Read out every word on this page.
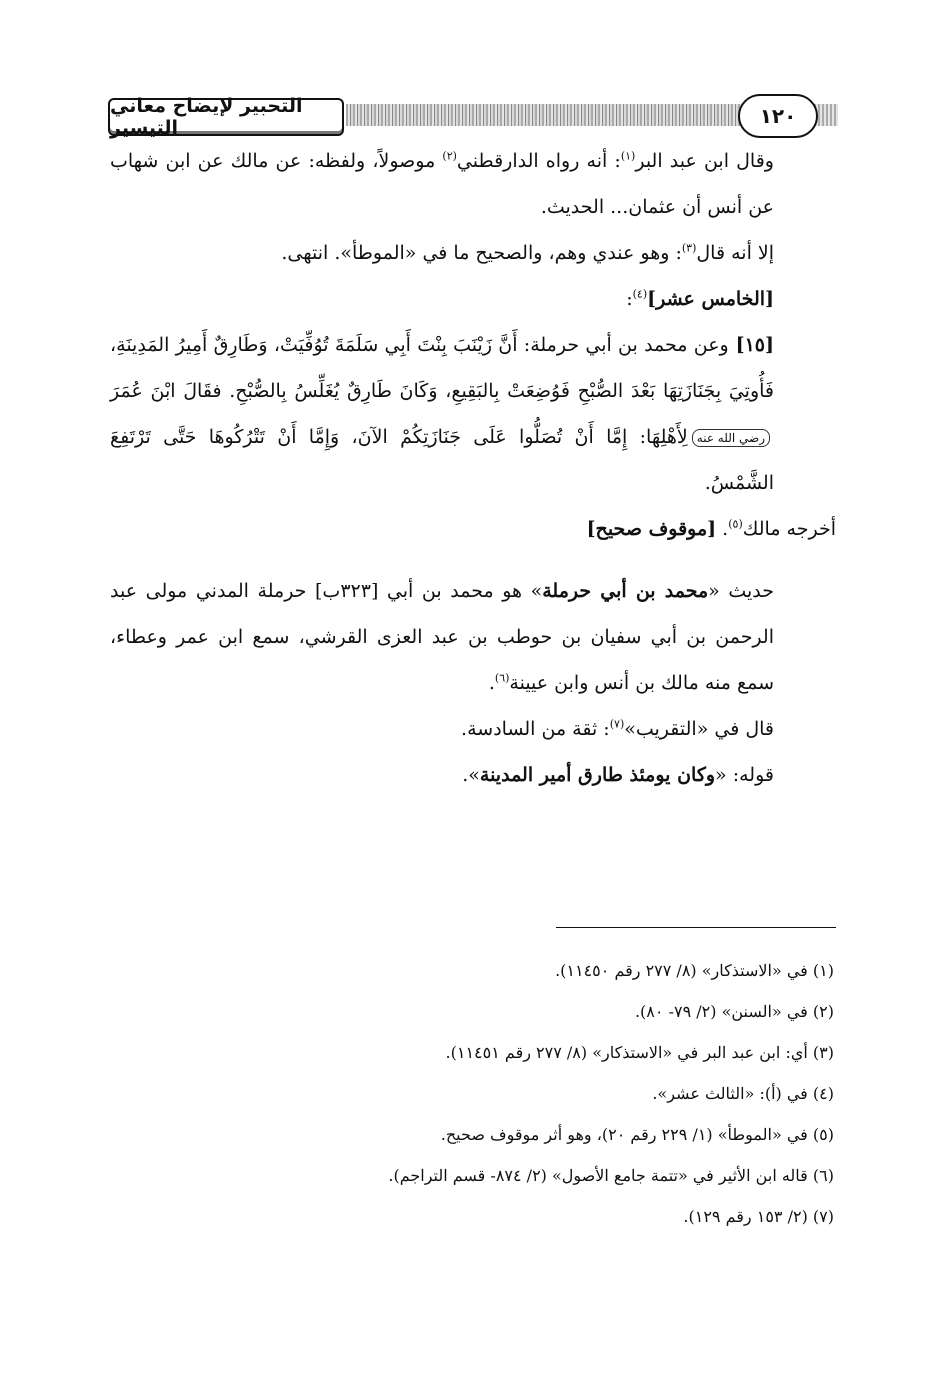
التحبير لإيضاح معاني التيسير	١٢٠

وقال ابن عبد البر$^{(١)}$: أنه رواه الدارقطني$^{(٢)}$ موصولاً، ولفظه: عن مالك عن ابن شهاب عن أنس أن عثمان... الحديث.

إلا أنه قال$^{(٣)}$: وهو عندي وهم، والصحيح ما في «الموطأ». انتهى.

[الخامس عشر]$^{(٤)}$:

[١٥] وعن محمد بن أبي حرملة: أَنَّ زَيْنَبَ بِنْتَ أَبِي سَلَمَةَ تُوُفِّيَتْ، وَطَارِقٌ أَمِيرُ المَدِينَةِ، فَأُوتِيَ بِجَنَازَتِهَا بَعْدَ الصُّبْحِ فَوُضِعَتْ بِالبَقِيعِ، وَكَانَ طَارِقٌ يُغَلِّسُ بِالصُّبْحِ. فقَالَ ابْنَ عُمَرَرضي الله عنهلِأَهْلِهَا: إِمَّا أَنْ تُصَلُّوا عَلَى جَنَازَتِكُمْ الآنَ، وَإِمَّا أَنْ تَتْرُكُوهَا حَتَّى تَرْتَفِعَ الشَّمْسُ.

أخرجه مالك$^{(٥)}$. [موقوف صحيح]

حديث «محمد بن أبي حرملة» هو محمد بن أبي [٣٢٣ب] حرملة المدني مولى عبد الرحمن بن أبي سفيان بن حوطب بن عبد العزى القرشي، سمع ابن عمر وعطاء، سمع منه مالك بن أنس وابن عيينة$^{(٦)}$.

قال في «التقريب»$^{(٧)}$: ثقة من السادسة.

قوله: «وكان يومئذ طارق أمير المدينة».

(١) في «الاستذكار» (٨/ ٢٧٧ رقم ١١٤٥٠).

(٢) في «السنن» (٢/ ٧٩- ٨٠).

(٣) أي: ابن عبد البر في «الاستذكار» (٨/ ٢٧٧ رقم ١١٤٥١).

(٤) في (أ): «الثالث عشر».

(٥) في «الموطأ» (١/ ٢٢٩ رقم ٢٠)، وهو أثر موقوف صحيح.

(٦) قاله ابن الأثير في «تتمة جامع الأصول» (٢/ ٨٧٤- قسم التراجم).

(٧) (٢/ ١٥٣ رقم ١٢٩).
